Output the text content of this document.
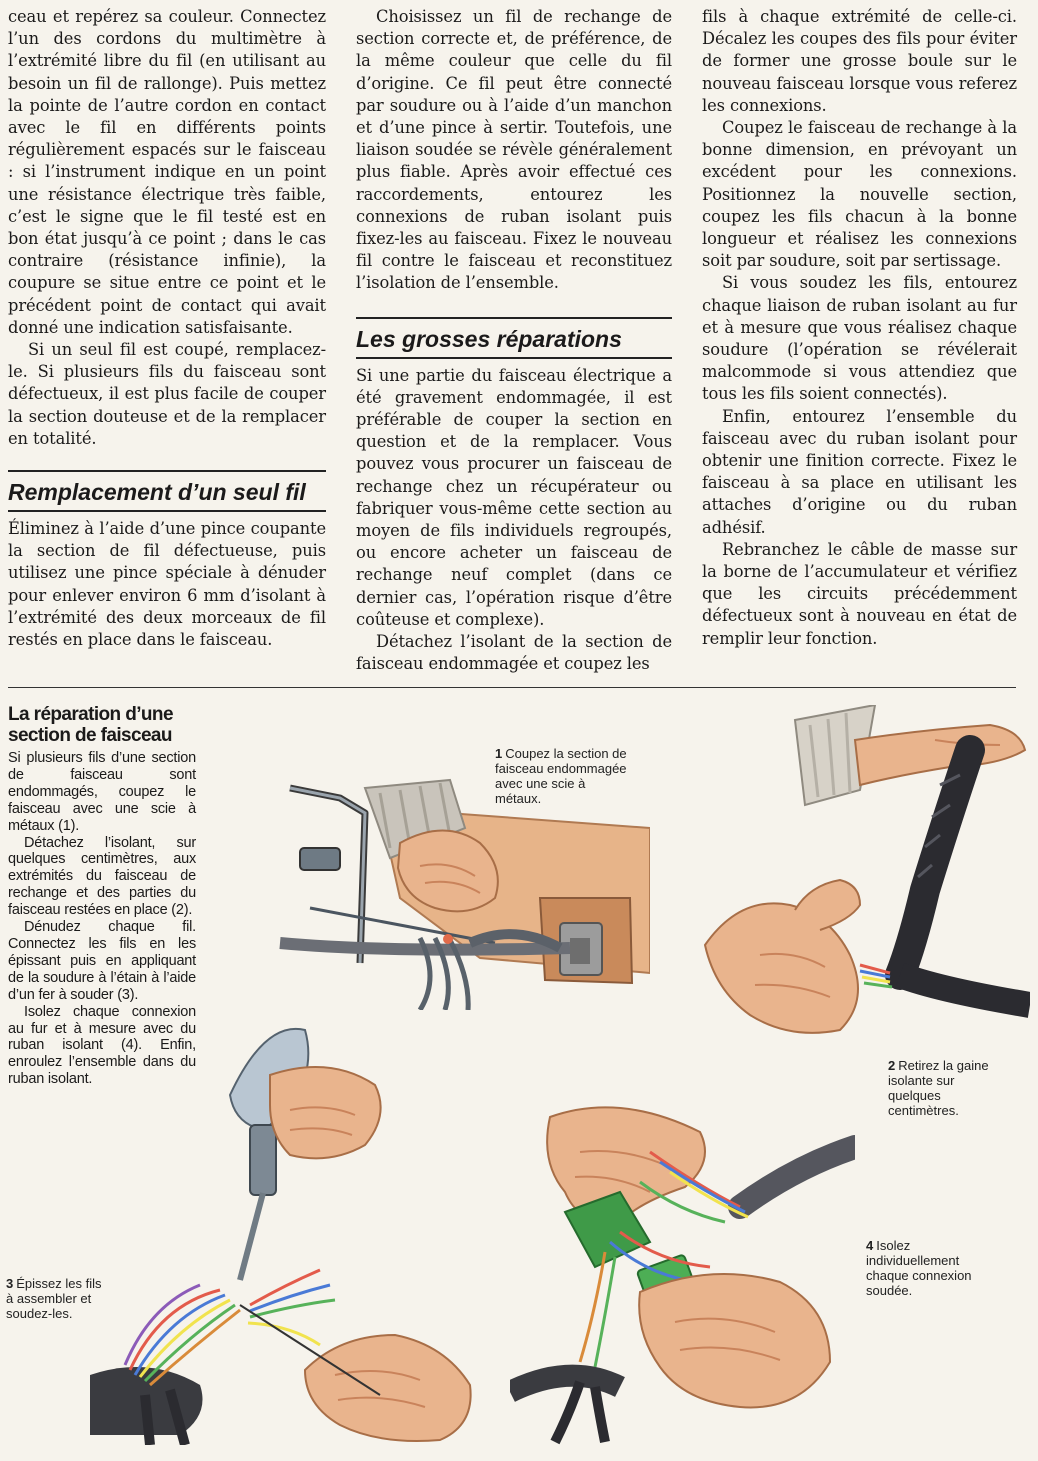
ceau et repérez sa couleur. Connectez l’un des cordons du multimètre à l’extrémité libre du fil (en utilisant au besoin un fil de rallonge). Puis mettez la pointe de l’autre cordon en contact avec le fil en différents points régulièrement espacés sur le faisceau : si l’instrument indique en un point une résistance électrique très faible, c’est le signe que le fil testé est en bon état jusqu’à ce point ; dans le cas contraire (résistance infinie), la coupure se situe entre ce point et le précédent point de contact qui avait donné une indication satisfaisante.

Si un seul fil est coupé, remplacez-le. Si plusieurs fils du faisceau sont défectueux, il est plus facile de couper la section douteuse et de la remplacer en totalité.

Remplacement d’un seul fil

Éliminez à l’aide d’une pince coupante la section de fil défectueuse, puis utilisez une pince spéciale à dénuder pour enlever environ 6 mm d’isolant à l’extrémité des deux morceaux de fil restés en place dans le faisceau.

Choisissez un fil de rechange de section correcte et, de préférence, de la même couleur que celle du fil d’origine. Ce fil peut être connecté par soudure ou à l’aide d’un manchon et d’une pince à sertir. Toutefois, une liaison soudée se révèle généralement plus fiable. Après avoir effectué ces raccordements, entourez les connexions de ruban isolant puis fixez-les au faisceau. Fixez le nouveau fil contre le faisceau et reconstituez l’isolation de l’ensemble.

Les grosses réparations

Si une partie du faisceau électrique a été gravement endommagée, il est préférable de couper la section en question et de la remplacer. Vous pouvez vous procurer un faisceau de rechange chez un récupérateur ou fabriquer vous-même cette section au moyen de fils individuels regroupés, ou encore acheter un faisceau de rechange neuf complet (dans ce dernier cas, l’opération risque d’être coûteuse et complexe).

Détachez l’isolant de la section de faisceau endommagée et coupez les

fils à chaque extrémité de celle-ci. Décalez les coupes des fils pour éviter de former une grosse boule sur le nouveau faisceau lorsque vous referez les connexions.

Coupez le faisceau de rechange à la bonne dimension, en prévoyant un excédent pour les connexions. Positionnez la nouvelle section, coupez les fils chacun à la bonne longueur et réalisez les connexions soit par soudure, soit par sertissage.

Si vous soudez les fils, entourez chaque liaison de ruban isolant au fur et à mesure que vous réalisez chaque soudure (l’opération se révélerait malcommode si vous attendiez que tous les fils soient connectés).

Enfin, entourez l’ensemble du faisceau avec du ruban isolant pour obtenir une finition correcte. Fixez le faisceau à sa place en utilisant les attaches d’origine ou du ruban adhésif.

Rebranchez le câble de masse sur la borne de l’accumulateur et vérifiez que les circuits précédemment défectueux sont à nouveau en état de remplir leur fonction.

La réparation d’une section de faisceau

Si plusieurs fils d’une section de faisceau sont endommagés, coupez le faisceau avec une scie à métaux (1).

Détachez l’isolant, sur quelques centimètres, aux extrémités du faisceau de rechange et des parties du faisceau restées en place (2).

Dénudez chaque fil. Connectez les fils en les épissant puis en appliquant de la soudure à l’étain à l’aide d’un fer à souder (3).

Isolez chaque connexion au fur et à mesure avec du ruban isolant (4). Enfin, enroulez l’ensemble dans du ruban isolant.

1 Coupez la section de faisceau endommagée avec une scie à métaux.
2 Retirez la gaine isolante sur quelques centimètres.
3 Épissez les fils à assembler et soudez-les.
4 Isolez individuellement chaque connexion soudée.
